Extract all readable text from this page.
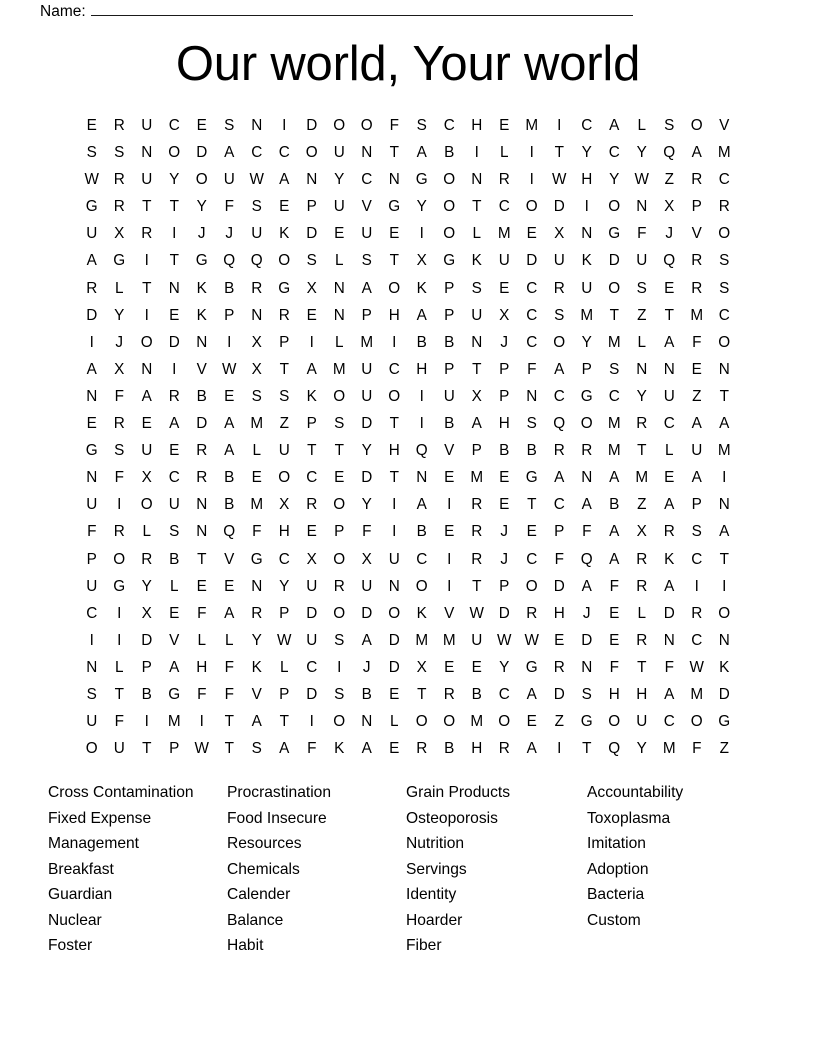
Name:
Our world, Your world
E	R	U	C	E	S	N	I	D	O	O	F	S	C	H	E	M	I	C	A	L	S	O	V
S	S	N	O	D	A	C	C	O	U	N	T	A	B	I	L	I	T	Y	C	Y	Q	A	M
W R	U	Y	O	U W A	N	Y	C	N	G	O	N	R	I	W H	Y W	Z	R	C
G	R	T	T	Y	F	S	E	P	U	V	G	Y	O	T	C	O	D	I	O	N	X	P	R
U	X	R	I	J	J	U	K	D	E	U	E	I	O	L	M	E	X	N	G	F	J	V	O
A	G	I	T	G	Q	Q	O	S	L	S	T	X	G	K	U	D	U	K	D	U	Q	R	S
R	L	T	N	K	B	R	G	X	N	A	O	K	P	S	E	C	R	U	O	S	E	R	S
D	Y	I	E	K	P	N	R	E	N	P	H	A	P	U	X	C	S	M	T	Z	T	M	C
I	J	O	D	N	I	X	P	I	L	M	I	B	B	N	J	C	O	Y	M	L	A	F	O
A	X	N	I	V W X	T	A	M	U	C	H	P	T	P	F	A	P	S	N	N	E	N
N	F	A	R	B	E	S	S	K	O	U	O	I	U	X	P	N	C	G	C	Y	U	Z	T
E	R	E	A	D	A	M	Z	P	S	D	T	I	B	A	H	S	Q	O M	R	C	A	A
G	S	U	E	R	A	L	U	T	T	Y	H	Q	V	P	B	B	R	R	M	T	L	U	M
N	F	X	C	R	B	E	O	C	E	D	T	N	E	M	E	G	A	N	A	M	E	A	I
U	I	O	U	N	B	M	X	R	O	Y	I	A	I	R	E	T	C	A	B	Z	A	P	N
F	R	L	S	N	Q	F	H	E	P	F	I	B	E	R	J	E	P	F	A	X	R	S	A
P	O	R	B	T	V	G	C	X	O	X	U	C	I	R	J	C	F	Q	A	R	K	C	T
U	G	Y	L	E	E	N	Y	U	R	U	N	O	I	T	P	O	D	A	F	R	A	I	I
C	I	X	E	F	A	R	P	D	O	D	O	K	V W D	R	H	J	E	L	D	R	O
I	I	D	V	L	L	Y W U	S	A	D	M M	U W W E	D	E	R	N	C	N
N	L	P	A	H	F	K	L	C	I	J	D	X	E	E	Y	G	R	N	F	T	F	W K
S	T	B	G	F	F	V	P	D	S	B	E	T	R	B	C	A	D	S	H	H	A	M	D
U	F	I	M	I	T	A	T	I	O	N	L	O	O M O	E	Z	G	O	U	C	O	G
O	U	T	P W	T	S	A	F	K	A	E	R	B	H	R	A	I	T	Q	Y	M	F	Z
Cross Contamination
Fixed Expense
Management
Breakfast
Guardian
Nuclear
Foster
Procrastination
Food Insecure
Resources
Chemicals
Calender
Balance
Habit
Grain Products
Osteoporosis
Nutrition
Servings
Identity
Hoarder
Fiber
Accountability
Toxoplasma
Imitation
Adoption
Bacteria
Custom
